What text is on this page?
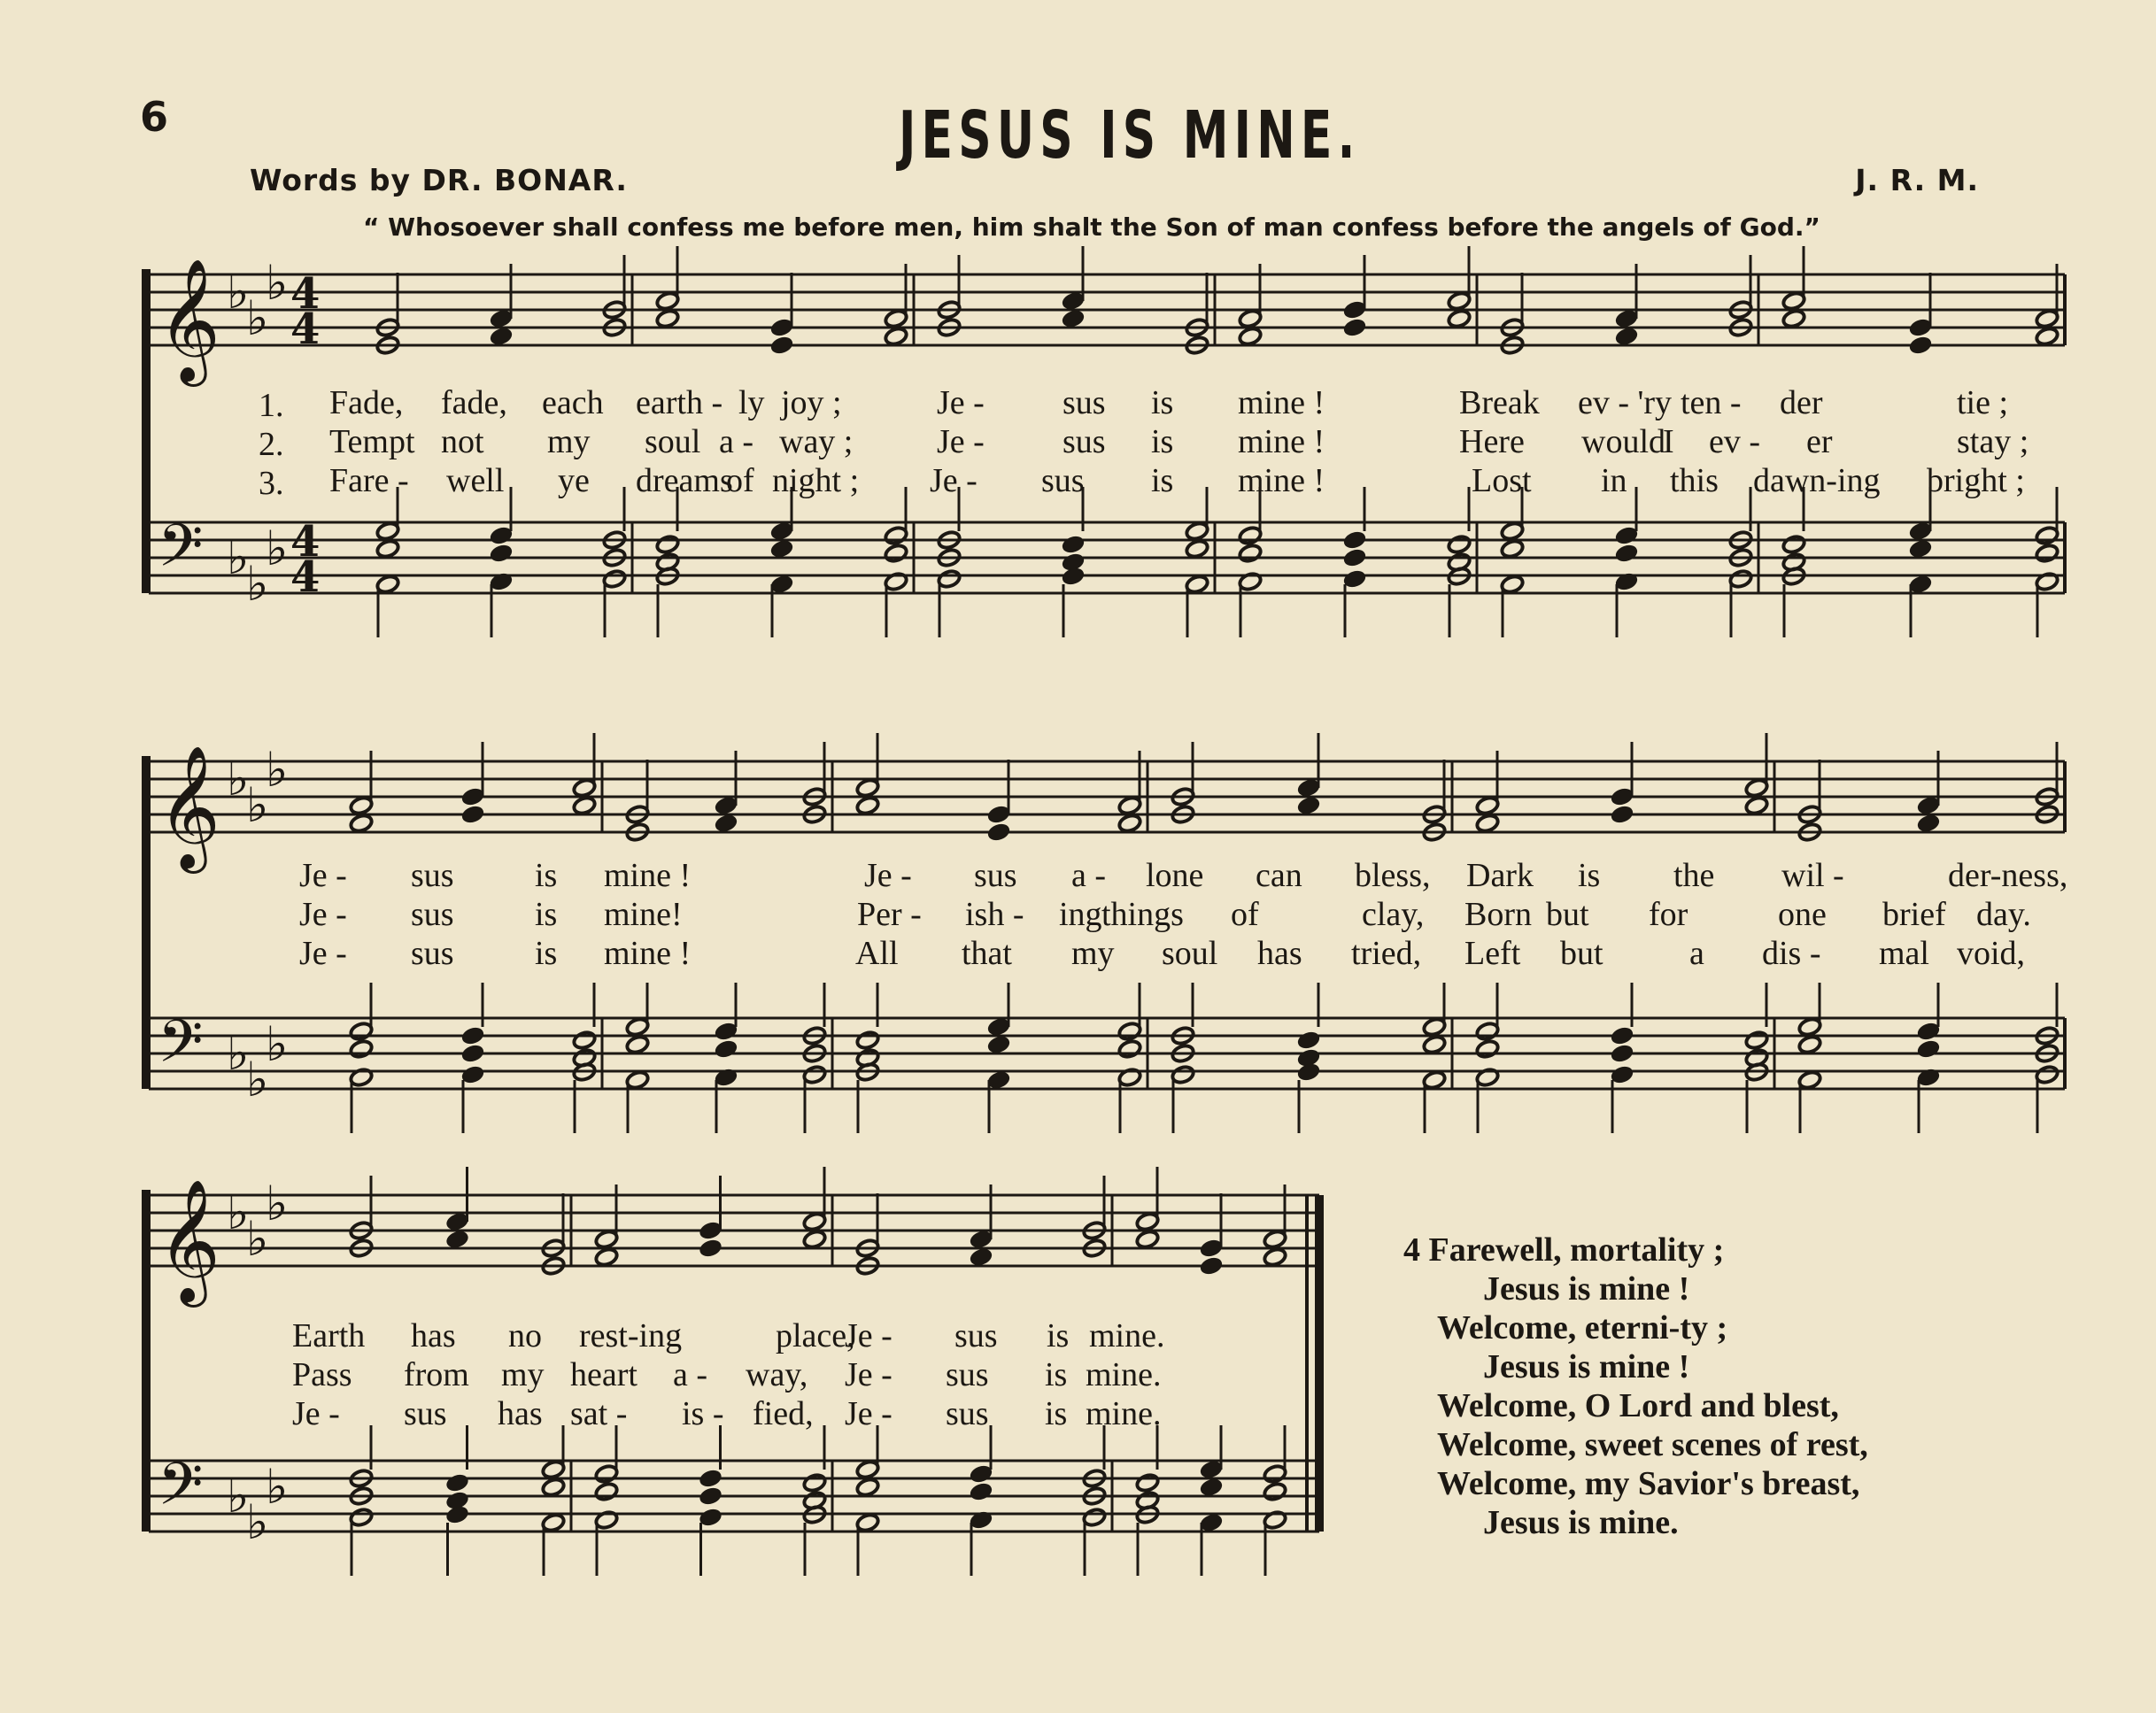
6	JESUS IS MINE.
Words by DR. BONAR.	J. R. M.
“ Whosoever shall confess me before men, him shalt the Son of man confess before the angels of God.”
𝄞
𝄢
♭
♭
♭
♭
♭
♭
4
4
4
4
𝄞
𝄢
♭
♭
♭
♭
♭
♭
𝄞
𝄢
♭
♭
♭
♭
♭
♭
1.
2.
3.
Fade, fade, each earth - ly joy ;	Je - sus is mine !	Break ev - 'ry ten - der	tie ;
Tempt not my soul a - way ; Je - sus is mine !	Here would
I ev - er	stay ;
Fare - well ye dreams
of night ; Je - sus is mine !	Lost in this dawn-ing bright ;
Je - sus is mine !	Je - sus a - lone can bless, Dark is the wil -	der-ness,
Je - sus is mine!	Per - ish - ing things of	clay, Born but for	one brief day.
Je - sus is mine !	All that my soul has tried, Left but	a dis - mal void,
Earth has no rest-ing	place,
Je - sus is mine.
Pass from my heart a - way, Je - sus is mine.
Je - sus has sat - is - fied, Je - sus is mine.
4 Farewell, mortality ;
Jesus is mine !
Welcome, eterni-ty ;
Jesus is mine !
Welcome, O Lord and blest,
Welcome, sweet scenes of rest,
Welcome, my Savior's breast,
Jesus is mine.
